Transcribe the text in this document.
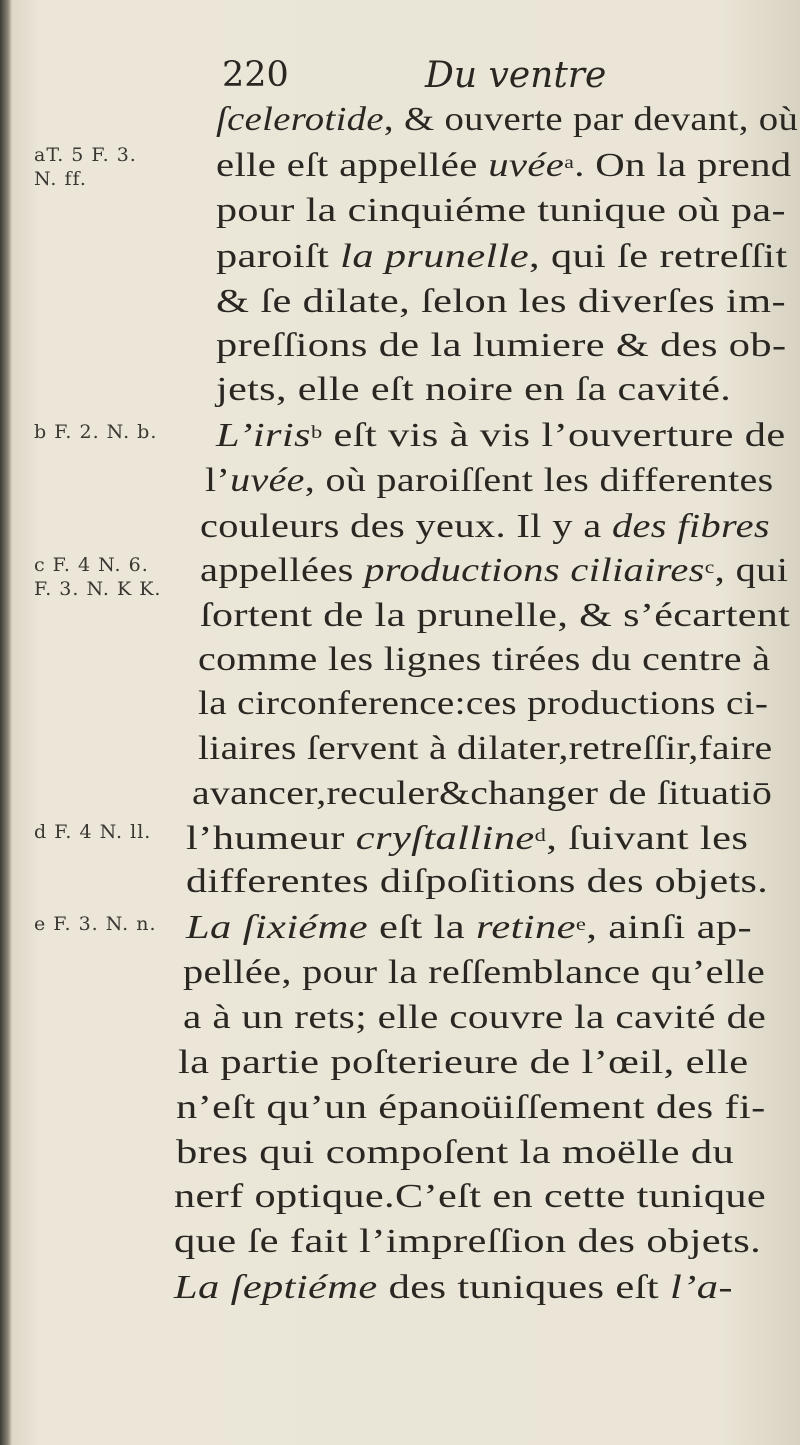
220	Du ventre
aT. 5 F. 3.
N. ff.
b F. 2. N. b.
c F. 4 N. 6.
F. 3. N. K K.
d F. 4 N. ll.
e F. 3. N. n.
ſcelerotide, & ouverte par devant, où
elle eſt appellée uvée$^a$. On la prend
pour la cinquiéme tunique où pa-
paroiſt la prunelle, qui ſe retreſſit
& ſe dilate, ſelon les diverſes im-
preſſions de la lumiere & des ob-
jets, elle eſt noire en ſa cavité.
L’iris$^b$ eſt vis à vis l’ouverture de
l’uvée, où paroiſſent les differentes
couleurs des yeux. Il y a des fibres
appellées productions ciliaires$^c$, qui
ſortent de la prunelle, & s’écartent
comme les lignes tirées du centre à
la circonference:ces productions ci-
liaires ſervent à dilater,retreſſir,faire
avancer,reculer&changer de ſituatiō
l’humeur cryſtalline$^d$, ſuivant les
differentes diſpoſitions des objets.
La ſixiéme eſt la retine$^e$, ainſi ap-
pellée, pour la reſſemblance qu’elle
a à un rets; elle couvre la cavité de
la partie poſterieure de l’œil, elle
n’eſt qu’un épanoüiſſement des fi-
bres qui compoſent la moëlle du
nerf optique.C’eſt en cette tunique
que ſe fait l’impreſſion des objets.
La ſeptiéme des tuniques eſt l’a-
